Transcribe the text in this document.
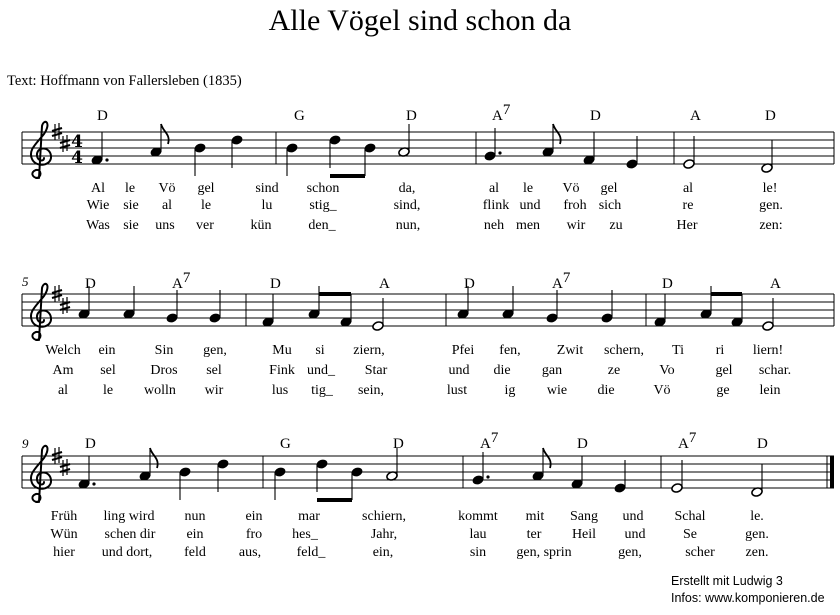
Alle Vögel sind schon da
Text: Hoffmann von Fallersleben (1835)
4
4
D	G	D	A7	D	A	D
Al le Vö gel	sind schon	da,	al le Vö gel	al	le!
Wie sie al le	lu	stig_	sind,	flink und froh sich	re	gen.
Was sie uns ver	kün	den_	nun,	neh men wir zu	Her	zen:
5	D	A7	D	A	D	A7	D	A
Welch ein	Sin gen,	Mu si ziern,	Pfei fen,	Zwit schern, Ti ri liern!
Am sel Dros sel	Fink und_ Star	und die gan	ze	Vo	gel schar.
al le wolln wir	lus tig_ sein,	lust	ig wie die	Vö	ge lein
9	D	G	D	A7	D	A7	D
Früh ling wird nun	ein	mar	schiern,	kommt mit Sang und Schal	le.
Wün schen dir ein	fro hes_	Jahr,	lau	ter Heil und	Se	gen.
hier und dort, feld aus,	feld_	ein,	sin gen, sprin	gen,	scher zen.
Erstellt mit Ludwig 3
Infos: www.komponieren.de
